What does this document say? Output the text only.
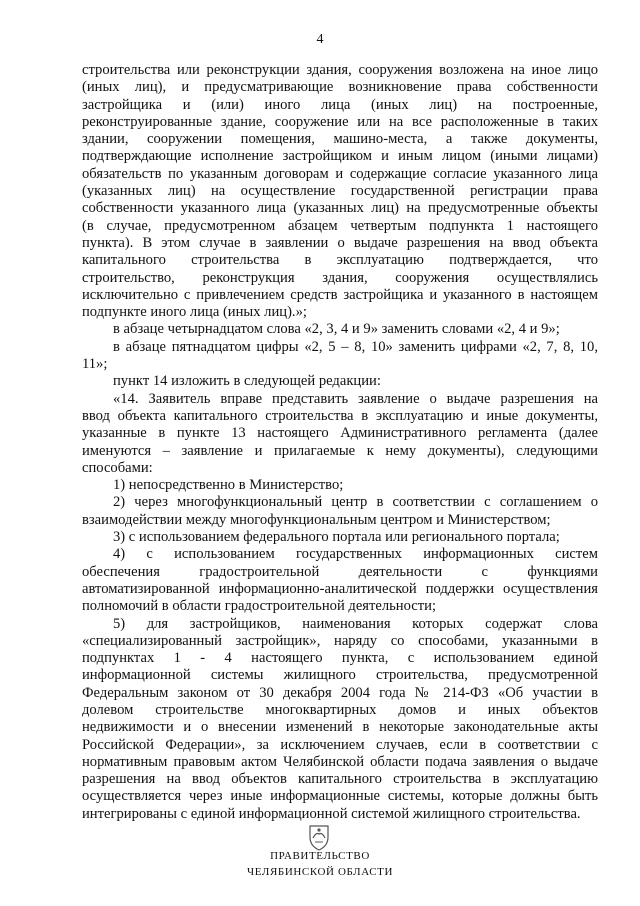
4
строительства или реконструкции здания, сооружения возложена на иное лицо
(иных лиц), и предусматривающие возникновение права собственности
застройщика и (или) иного лица (иных лиц) на построенные,
реконструированные здание, сооружение или на все расположенные в таких
здании, сооружении помещения, машино-места, а также документы,
подтверждающие исполнение застройщиком и иным лицом (иными лицами)
обязательств по указанным договорам и содержащие согласие указанного лица
(указанных лиц) на осуществление государственной регистрации права
собственности указанного лица (указанных лиц) на предусмотренные объекты
(в случае, предусмотренном абзацем четвертым подпункта 1 настоящего
пункта). В этом случае в заявлении о выдаче разрешения на ввод объекта
капитального строительства в эксплуатацию подтверждается, что
строительство, реконструкция здания, сооружения осуществлялись
исключительно с привлечением средств застройщика и указанного в настоящем
подпункте иного лица (иных лиц).»;
в абзаце четырнадцатом слова «2, 3, 4 и 9» заменить словами «2, 4 и 9»;
в абзаце пятнадцатом цифры «2, 5 – 8, 10» заменить цифрами «2, 7, 8, 10,
11»;
пункт 14 изложить в следующей редакции:
«14. Заявитель вправе представить заявление о выдаче разрешения на
ввод объекта капитального строительства в эксплуатацию и иные документы,
указанные в пункте 13 настоящего Административного регламента (далее
именуются – заявление и прилагаемые к нему документы), следующими
способами:
1) непосредственно в Министерство;
2) через многофункциональный центр в соответствии с соглашением о
взаимодействии между многофункциональным центром и Министерством;
3) с использованием федерального портала или регионального портала;
4) с использованием государственных информационных систем
обеспечения градостроительной деятельности с функциями
автоматизированной информационно-аналитической поддержки осуществления
полномочий в области градостроительной деятельности;
5) для застройщиков, наименования которых содержат слова
«специализированный застройщик», наряду со способами, указанными в
подпунктах 1 - 4 настоящего пункта, с использованием единой
информационной системы жилищного строительства, предусмотренной
Федеральным законом от 30 декабря 2004 года № 214-ФЗ «Об участии в
долевом строительстве многоквартирных домов и иных объектов
недвижимости и о внесении изменений в некоторые законодательные акты
Российской Федерации», за исключением случаев, если в соответствии с
нормативным правовым актом Челябинской области подача заявления о выдаче
разрешения на ввод объектов капитального строительства в эксплуатацию
осуществляется через иные информационные системы, которые должны быть
интегрированы с единой информационной системой жилищного строительства.
ПРАВИТЕЛЬСТВО
ЧЕЛЯБИНСКОЙ ОБЛАСТИ
